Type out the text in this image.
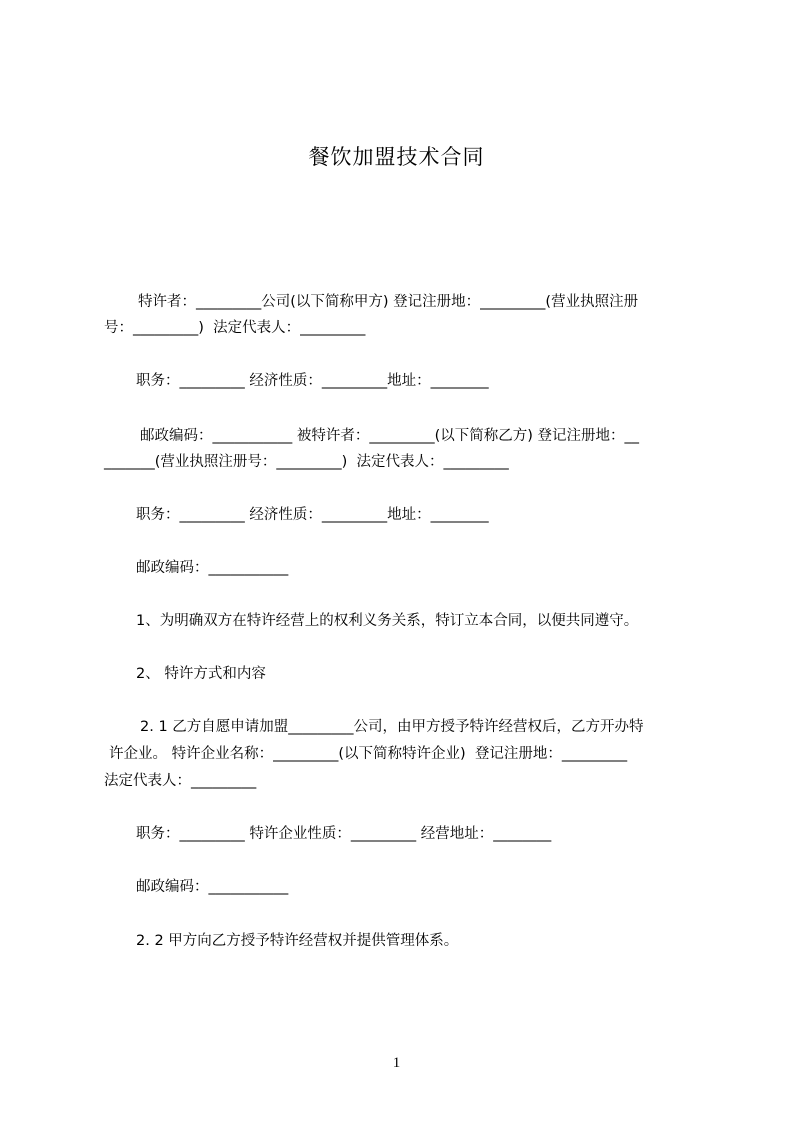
餐饮加盟技术合同
特许者：_________公司(以下简称甲方) 登记注册地：_________(营业执照注册
号：_________)  法定代表人：_________
职务：_________ 经济性质：_________地址：________
邮政编码：___________ 被特许者：_________(以下简称乙方) 登记注册地：__
_______(营业执照注册号：_________)  法定代表人：_________
职务：_________ 经济性质：_________地址：________
邮政编码：___________
1、为明确双方在特许经营上的权利义务关系，特订立本合同，以便共同遵守。
2、 特许方式和内容
2. 1 乙方自愿申请加盟_________公司，由甲方授予特许经营权后，乙方开办特
许企业。 特许企业名称：_________(以下简称特许企业)  登记注册地：_________
法定代表人：_________
职务：_________ 特许企业性质：_________ 经营地址：________
邮政编码：___________
2. 2 甲方向乙方授予特许经营权并提供管理体系。
1
